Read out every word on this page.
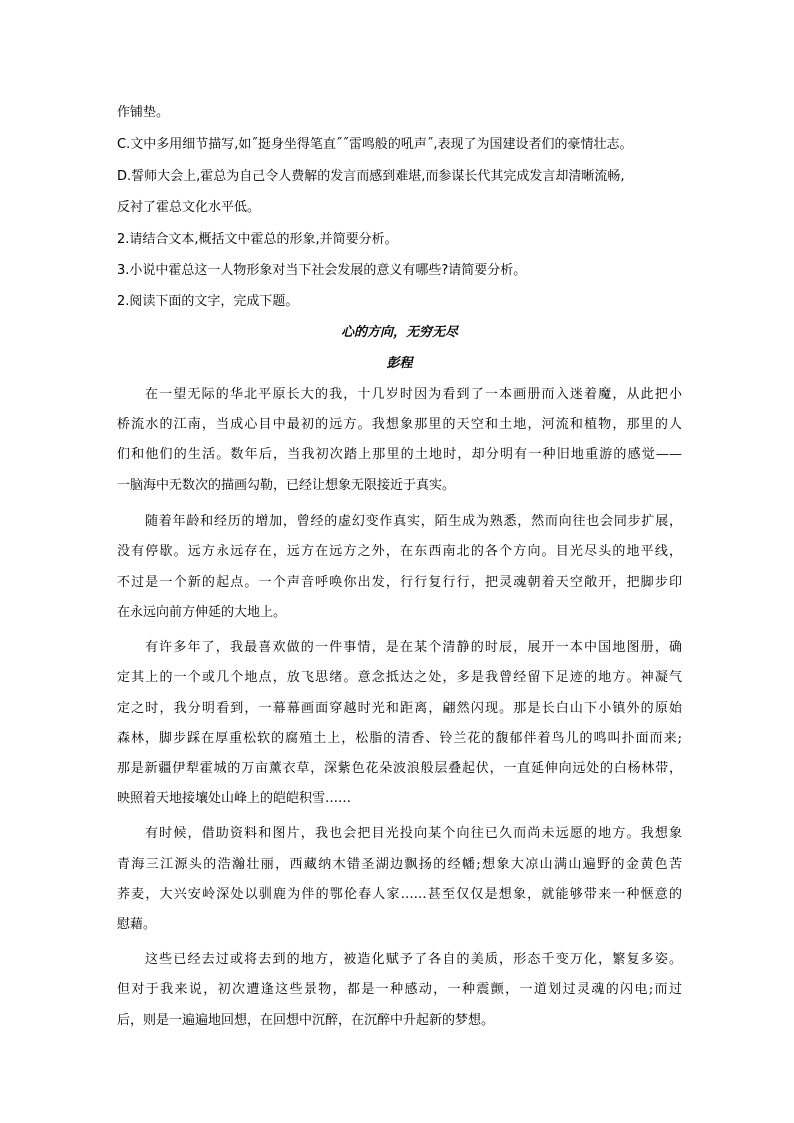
作铺垫。
C.文中多用细节描写,如˝挺身坐得笔直˝˝雷鸣般的吼声˝,表现了为国建设者们的豪情壮志。
D.誓师大会上,霍总为自己令人费解的发言而感到难堪,而参谋长代其完成发言却清晰流畅,
反衬了霍总文化水平低。
2.请结合文本,概括文中霍总的形象,并简要分析。
3.小说中霍总这一人物形象对当下社会发展的意义有哪些?请简要分析。
2.阅读下面的文字，完成下题。
心的方向，无穷无尽
彭程
在一望无际的华北平原长大的我，十几岁时因为看到了一本画册而入迷着魔，从此把小
桥流水的江南，当成心目中最初的远方。我想象那里的天空和土地，河流和植物，那里的人
们和他们的生活。数年后，当我初次踏上那里的土地时，却分明有一种旧地重游的感觉——
一脑海中无数次的描画勾勒，已经让想象无限接近于真实。
随着年龄和经历的增加，曾经的虚幻变作真实，陌生成为熟悉，然而向往也会同步扩展，
没有停歇。远方永远存在，远方在远方之外，在东西南北的各个方向。目光尽头的地平线，
不过是一个新的起点。一个声音呼唤你出发，行行复行行，把灵魂朝着天空敞开，把脚步印
在永远向前方伸延的大地上。
有许多年了，我最喜欢做的一件事情，是在某个清静的时辰，展开一本中国地图册，确
定其上的一个或几个地点，放飞思绪。意念抵达之处，多是我曾经留下足迹的地方。神凝气
定之时，我分明看到，一幕幕画面穿越时光和距离，翩然闪现。那是长白山下小镇外的原始
森林，脚步踩在厚重松软的腐殖土上，松脂的清香、铃兰花的馥郁伴着鸟儿的鸣叫扑面而来;
那是新疆伊犁霍城的万亩薰衣草，深紫色花朵波浪般层叠起伏，一直延伸向远处的白杨林带，
映照着天地接壤处山峰上的皑皑积雪……
有时候，借助资料和图片，我也会把目光投向某个向往已久而尚未远愿的地方。我想象
青海三江源头的浩瀚壮丽，西藏纳木错圣湖边飘扬的经幡;想象大凉山满山遍野的金黄色苦
荞麦，大兴安岭深处以驯鹿为伴的鄂伦春人家……甚至仅仅是想象，就能够带来一种惬意的
慰藉。
这些已经去过或将去到的地方，被造化赋予了各自的美质，形态千变万化，繁复多姿。
但对于我来说，初次遭逢这些景物，都是一种感动，一种震颤，一道划过灵魂的闪电;而过
后，则是一遍遍地回想，在回想中沉醉，在沉醉中升起新的梦想。
